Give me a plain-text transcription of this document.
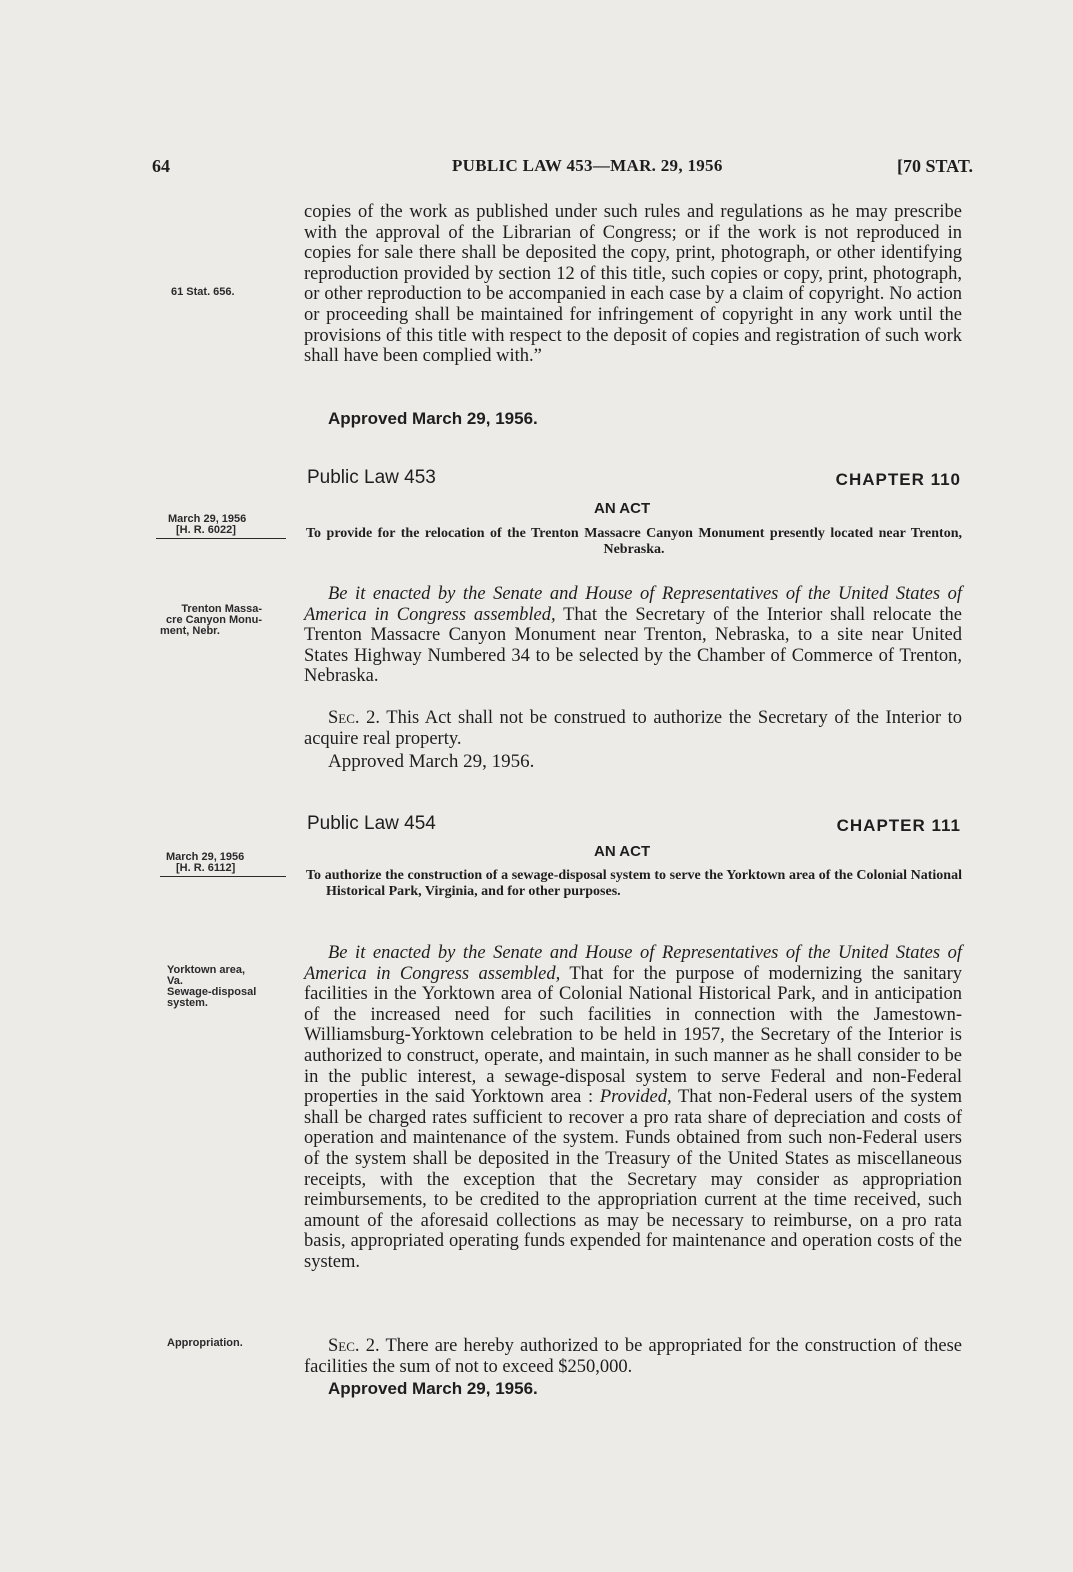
64	PUBLIC LAW 453—MAR. 29, 1956	[70 STAT.

copies of the work as published under such rules and regulations as he may prescribe with the approval of the Librarian of Congress; or if the work is not reproduced in copies for sale there shall be deposited the copy, print, photograph, or other identifying reproduction provided by section 12 of this title, such copies or copy, print, photograph, or other reproduction to be accompanied in each case by a claim of copyright. No action or proceeding shall be maintained for infringement of copyright in any work until the provisions of this title with respect to the deposit of copies and registration of such work shall have been complied with.”

61 Stat. 656.
Approved March 29, 1956.
Public Law 453	CHAPTER 110
AN ACT

To provide for the relocation of the Trenton Massacre Canyon Monument presently located near Trenton, Nebraska.

March 29, 1956
[H. R. 6022]
Trenton Massa-
cre Canyon Monu-
ment, Nebr.

Be it enacted by the Senate and House of Representatives of the United States of America in Congress assembled, That the Secretary of the Interior shall relocate the Trenton Massacre Canyon Monument near Trenton, Nebraska, to a site near United States Highway Numbered 34 to be selected by the Chamber of Commerce of Trenton, Nebraska.

Sec. 2. This Act shall not be construed to authorize the Secretary of the Interior to acquire real property.

Approved March 29, 1956.
Public Law 454	CHAPTER 111
AN ACT

To authorize the construction of a sewage-disposal system to serve the Yorktown area of the Colonial National Historical Park, Virginia, and for other purposes.

March 29, 1956
[H. R. 6112]
Yorktown area,
Va.
Sewage-disposal
system.

Be it enacted by the Senate and House of Representatives of the United States of America in Congress assembled, That for the purpose of modernizing the sanitary facilities in the Yorktown area of Colonial National Historical Park, and in anticipation of the increased need for such facilities in connection with the Jamestown-Williamsburg-Yorktown celebration to be held in 1957, the Secretary of the Interior is authorized to construct, operate, and maintain, in such manner as he shall consider to be in the public interest, a sewage-disposal system to serve Federal and non-Federal properties in the said Yorktown area : Provided, That non-Federal users of the system shall be charged rates sufficient to recover a pro rata share of depreciation and costs of operation and maintenance of the system. Funds obtained from such non-Federal users of the system shall be deposited in the Treasury of the United States as miscellaneous receipts, with the exception that the Secretary may consider as appropriation reimbursements, to be credited to the appropriation current at the time received, such amount of the aforesaid collections as may be necessary to reimburse, on a pro rata basis, appropriated operating funds expended for maintenance and operation costs of the system.

Appropriation.	Sec. 2. There are hereby authorized to be appropriated for the construction of these facilities the sum of not to exceed $250,000.

Approved March 29, 1956.
